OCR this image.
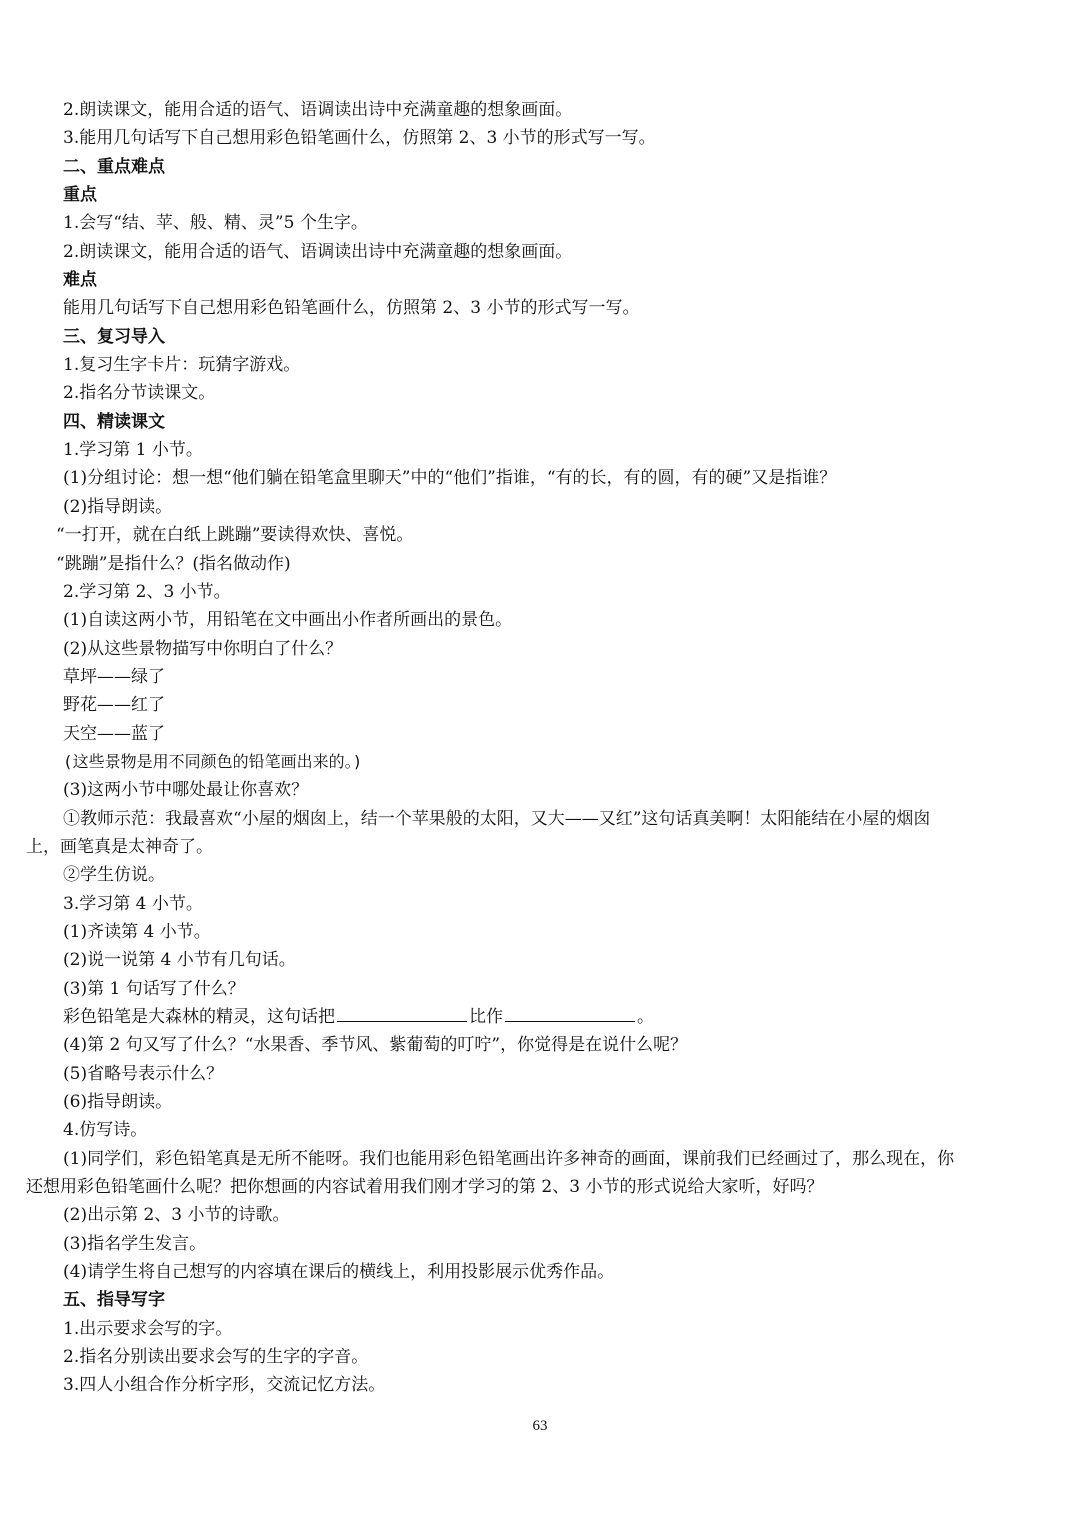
2.朗读课文，能用合适的语气、语调读出诗中充满童趣的想象画面。
3.能用几句话写下自己想用彩色铅笔画什么，仿照第 2、3 小节的形式写一写。
二、重点难点
重点
1.会写“结、苹、般、精、灵”5 个生字。
2.朗读课文，能用合适的语气、语调读出诗中充满童趣的想象画面。
难点
能用几句话写下自己想用彩色铅笔画什么，仿照第 2、3 小节的形式写一写。
三、复习导入
1.复习生字卡片：玩猜字游戏。
2.指名分节读课文。
四、精读课文
1.学习第 1 小节。
(1)分组讨论：想一想“他们躺在铅笔盒里聊天”中的“他们”指谁，“有的长，有的圆，有的硬”又是指谁？
(2)指导朗读。
“一打开，就在白纸上跳蹦”要读得欢快、喜悦。
“跳蹦”是指什么？(指名做动作)
2.学习第 2、3 小节。
(1)自读这两小节，用铅笔在文中画出小作者所画出的景色。
(2)从这些景物描写中你明白了什么？
草坪——绿了
野花——红了
天空——蓝了
(这些景物是用不同颜色的铅笔画出来的。)
(3)这两小节中哪处最让你喜欢？
①教师示范：我最喜欢“小屋的烟囱上，结一个苹果般的太阳，又大——又红”这句话真美啊！太阳能结在小屋的烟囱
上，画笔真是太神奇了。
②学生仿说。
3.学习第 4 小节。
(1)齐读第 4 小节。
(2)说一说第 4 小节有几句话。
(3)第 1 句话写了什么？
彩色铅笔是大森林的精灵，这句话把	比作	。
(4)第 2 句又写了什么？“水果香、季节风、紫葡萄的叮咛”，你觉得是在说什么呢？
(5)省略号表示什么？
(6)指导朗读。
4.仿写诗。
(1)同学们，彩色铅笔真是无所不能呀。我们也能用彩色铅笔画出许多神奇的画面，课前我们已经画过了，那么现在，你
还想用彩色铅笔画什么呢？把你想画的内容试着用我们刚才学习的第 2、3 小节的形式说给大家听，好吗？
(2)出示第 2、3 小节的诗歌。
(3)指名学生发言。
(4)请学生将自己想写的内容填在课后的横线上，利用投影展示优秀作品。
五、指导写字
1.出示要求会写的字。
2.指名分别读出要求会写的生字的字音。
3.四人小组合作分析字形，交流记忆方法。
63
